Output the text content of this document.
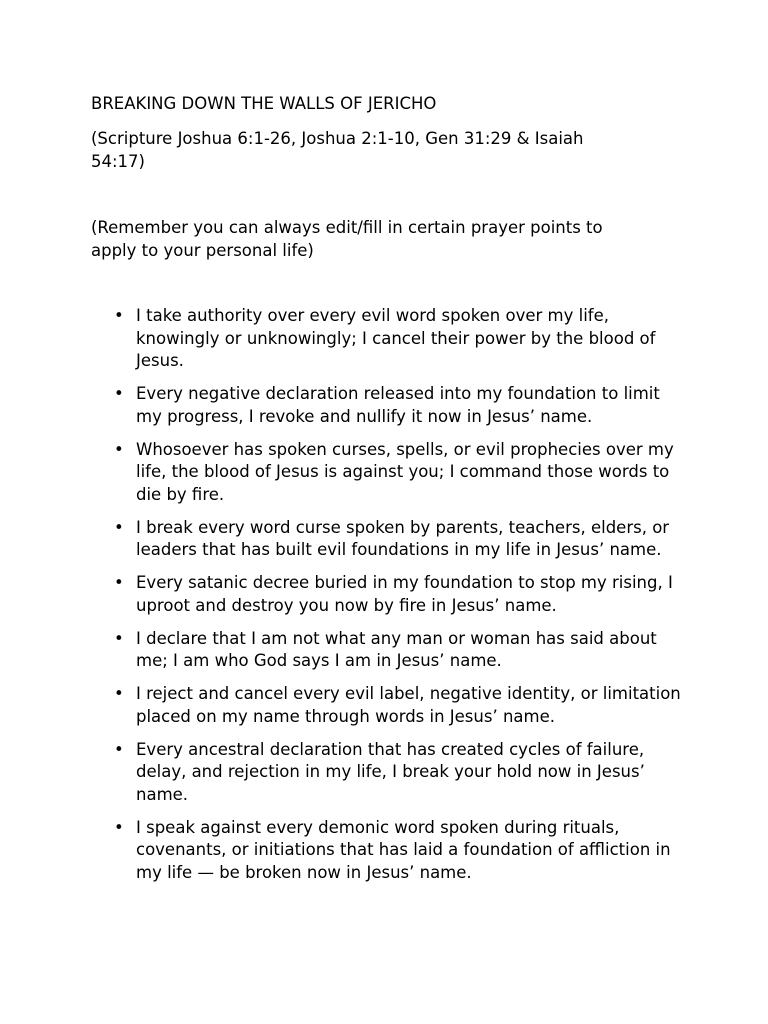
BREAKING DOWN THE WALLS OF JERICHO

(Scripture Joshua 6:1-26, Joshua 2:1-10, Gen 31:29 & Isaiah 54:17)

(Remember you can always edit/fill in certain prayer points to apply to your personal life)

• I take authority over every evil word spoken over my life, knowingly or unknowingly; I cancel their power by the blood of Jesus.
• Every negative declaration released into my foundation to limit my progress, I revoke and nullify it now in Jesus’ name.
• Whosoever has spoken curses, spells, or evil prophecies over my life, the blood of Jesus is against you; I command those words to die by fire.
• I break every word curse spoken by parents, teachers, elders, or leaders that has built evil foundations in my life in Jesus’ name.
• Every satanic decree buried in my foundation to stop my rising, I uproot and destroy you now by fire in Jesus’ name.
• I declare that I am not what any man or woman has said about me; I am who God says I am in Jesus’ name.
• I reject and cancel every evil label, negative identity, or limitation placed on my name through words in Jesus’ name.
• Every ancestral declaration that has created cycles of failure, delay, and rejection in my life, I break your hold now in Jesus’ name.
• I speak against every demonic word spoken during rituals, covenants, or initiations that has laid a foundation of affliction in my life — be broken now in Jesus’ name.
